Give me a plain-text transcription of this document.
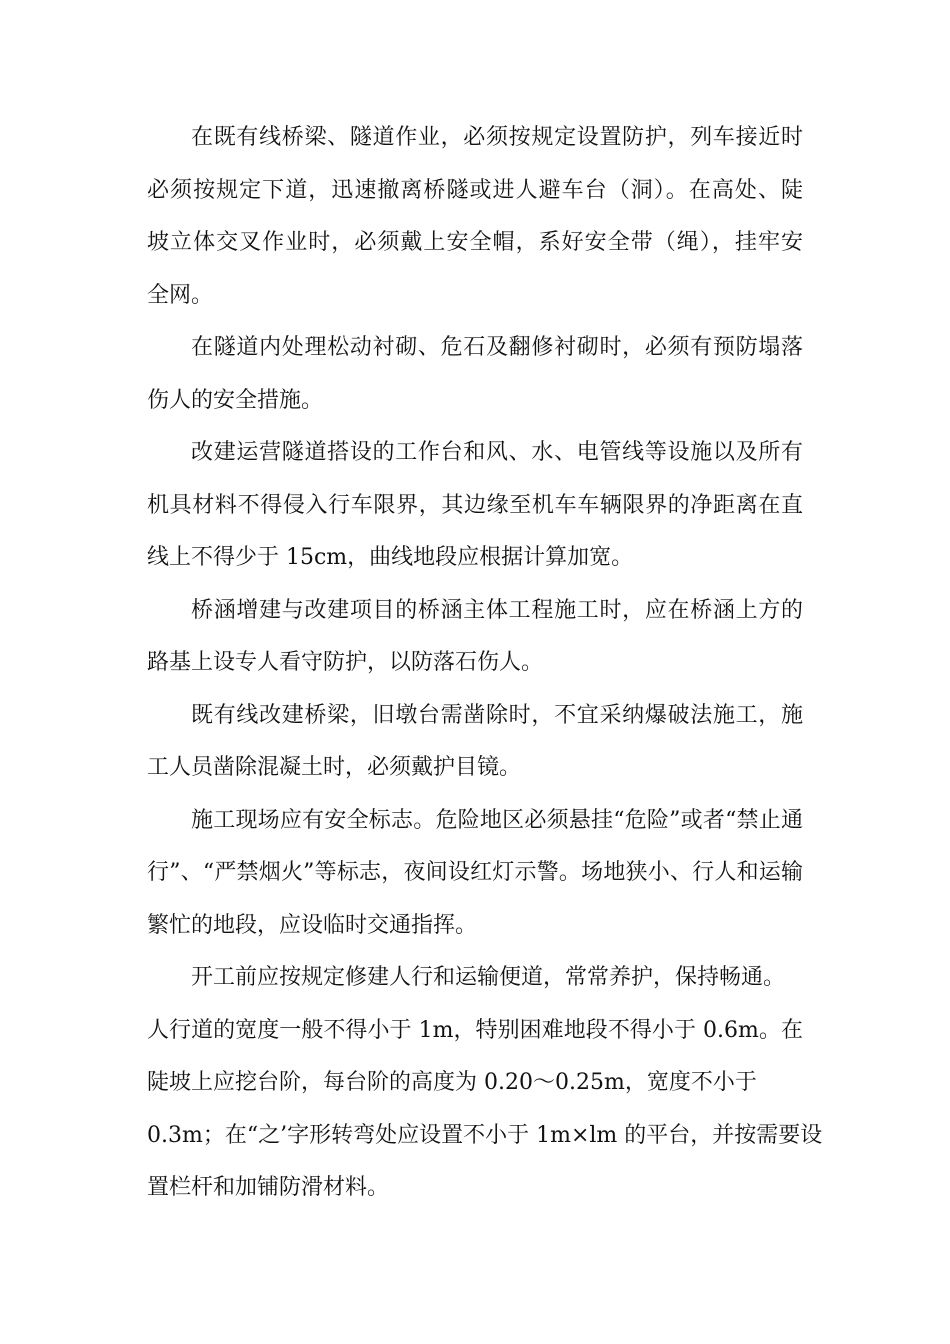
在既有线桥梁、隧道作业，必须按规定设置防护，列车接近时
必须按规定下道，迅速撤离桥隧或进人避车台（洞）。在高处、陡
坡立体交叉作业时，必须戴上安全帽，系好安全带（绳），挂牢安
全网。

在隧道内处理松动衬砌、危石及翻修衬砌时，必须有预防塌落
伤人的安全措施。

改建运营隧道搭设的工作台和风、水、电管线等设施以及所有
机具材料不得侵入行车限界，其边缘至机车车辆限界的净距离在直
线上不得少于 15cm，曲线地段应根据计算加宽。

桥涵增建与改建项目的桥涵主体工程施工时，应在桥涵上方的
路基上设专人看守防护，以防落石伤人。

既有线改建桥梁，旧墩台需凿除时，不宜采纳爆破法施工，施
工人员凿除混凝土时，必须戴护目镜。

施工现场应有安全标志。危险地区必须悬挂“危险”或者“禁止通
行”、“严禁烟火”等标志，夜间设红灯示警。场地狭小、行人和运输
繁忙的地段，应设临时交通指挥。

开工前应按规定修建人行和运输便道，常常养护，保持畅通。
人行道的宽度一般不得小于 1m，特别困难地段不得小于 0.6m。在
陡坡上应挖台阶，每台阶的高度为 0.20～0.25m，宽度不小于
0.3m；在“之’字形转弯处应设置不小于 1m×lm 的平台，并按需要设
置栏杆和加铺防滑材料。
